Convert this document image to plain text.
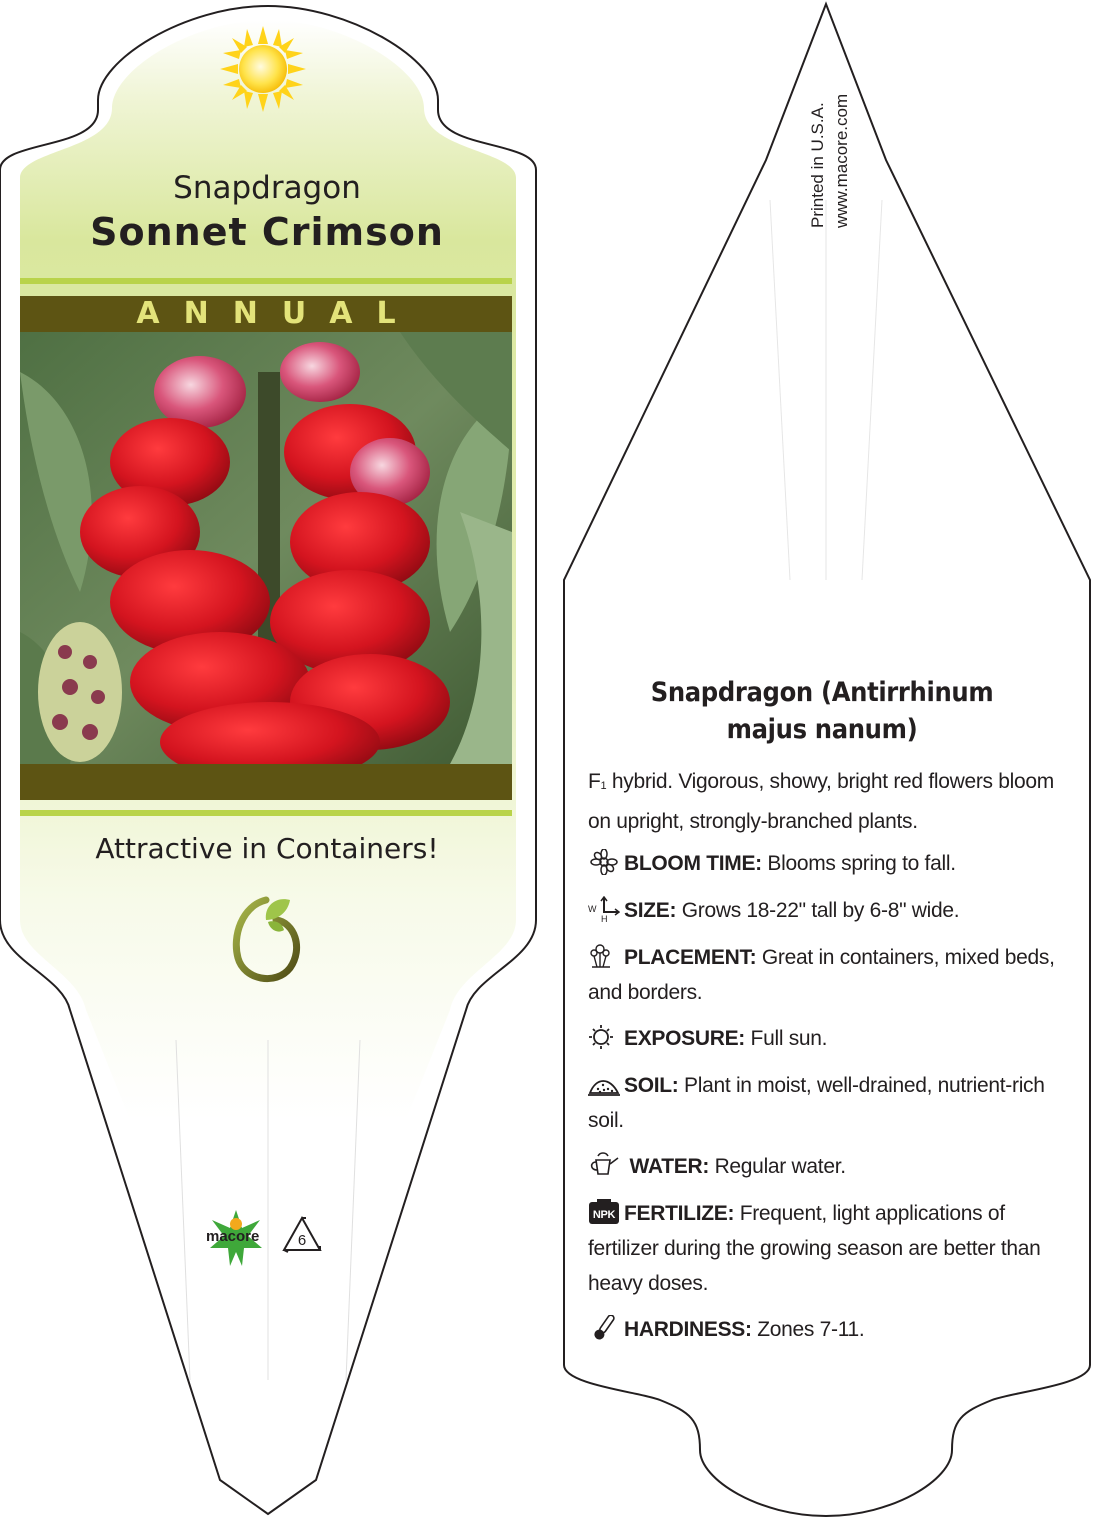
Snapdragon
Sonnet Crimson
ANNUAL
Attractive in Containers!
macore	6
Printed in U.S.A. www.macore.com
Snapdragon (Antirrhinum majus nanum)
F1 hybrid. Vigorous, showy, bright red flowers bloom on upright, strongly-branched plants.
BLOOM TIME: Blooms spring to fall.
W
H SIZE: Grows 18-22" tall by 6-8" wide.
PLACEMENT: Great in containers, mixed beds, and borders.
EXPOSURE: Full sun.
SOIL: Plant in moist, well-drained, nutrient-rich soil.
WATER: Regular water.
NPK FERTILIZE: Frequent, light applications of fertilizer during the growing season are better than heavy doses.
HARDINESS: Zones 7-11.
